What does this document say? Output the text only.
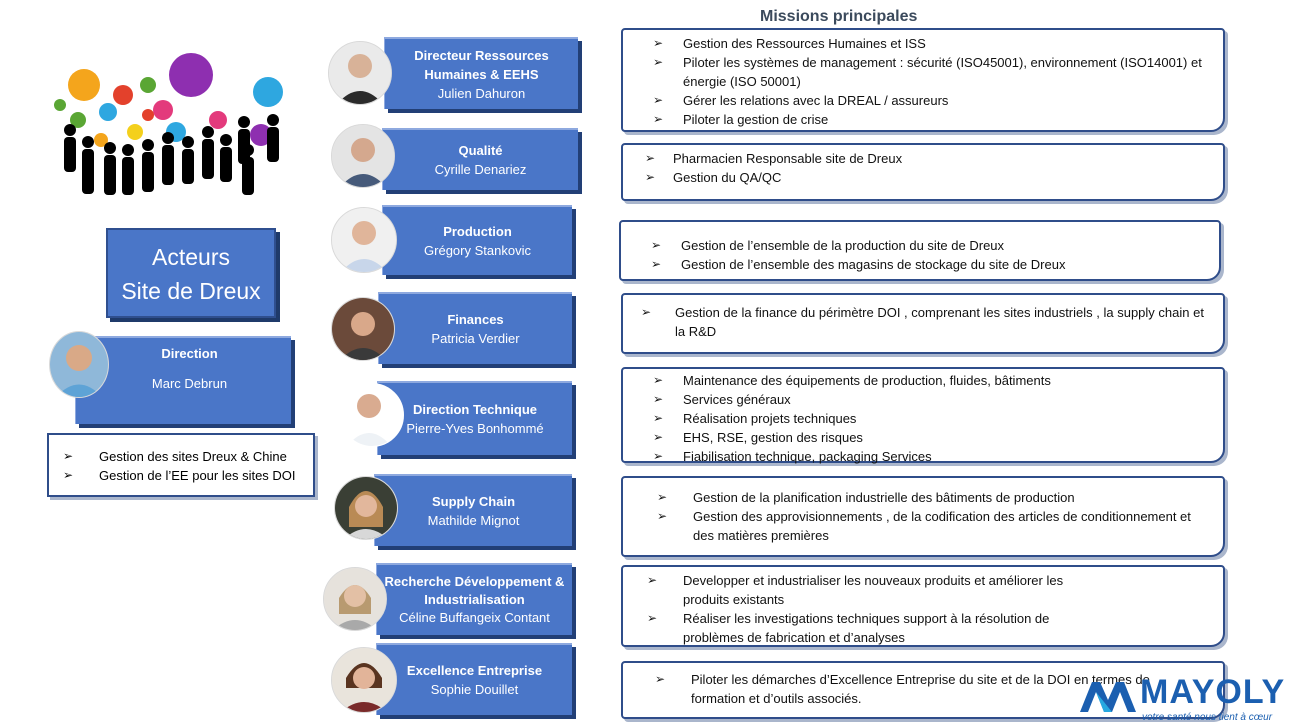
Missions principales
Acteurs
Site de Dreux
Direction
Marc Debrun
➢ Gestion des sites Dreux & Chine
➢ Gestion de l’EE pour les sites DOI
Directeur Ressources Humaines & EEHS
Julien Dahuron
➢ Gestion des Ressources Humaines et ISS
➢ Piloter les systèmes de management : sécurité (ISO45001), environnement (ISO14001) et énergie (ISO 50001)
➢ Gérer les relations avec la DREAL / assureurs
➢ Piloter la gestion de crise
Qualité
Cyrille Denariez
➢ Pharmacien Responsable site de Dreux
➢ Gestion du QA/QC
Production
Grégory Stankovic	➢ Gestion de l’ensemble de la production du site de Dreux
➢ Gestion de l’ensemble des magasins de stockage du site de Dreux
Finances
Patricia Verdier
➢ Gestion de la finance du périmètre DOI , comprenant les sites industriels , la supply chain et la R&D
Direction Technique
Pierre-Yves Bonhommé
➢ Maintenance des équipements de production, fluides, bâtiments
➢ Services généraux
➢ Réalisation projets techniques
➢ EHS, RSE, gestion des risques
➢ Fiabilisation technique, packaging Services
Supply Chain
Mathilde Mignot
➢ Gestion de la planification industrielle des bâtiments de production
➢ Gestion des approvisionnements , de la codification des articles de conditionnement et des matières premières
Recherche Développement & Industrialisation
Céline Buffangeix Contant
➢ Developper et industrialiser les nouveaux produits et améliorer les produits existants
➢ Réaliser les investigations techniques support à la résolution de problèmes de fabrication et d’analyses
Excellence Entreprise
Sophie Douillet
➢ Piloter les démarches d’Excellence Entreprise du site et de la DOI en termes de formation et d’outils associés.	MAYOLY
votre santé nous tient à cœur
